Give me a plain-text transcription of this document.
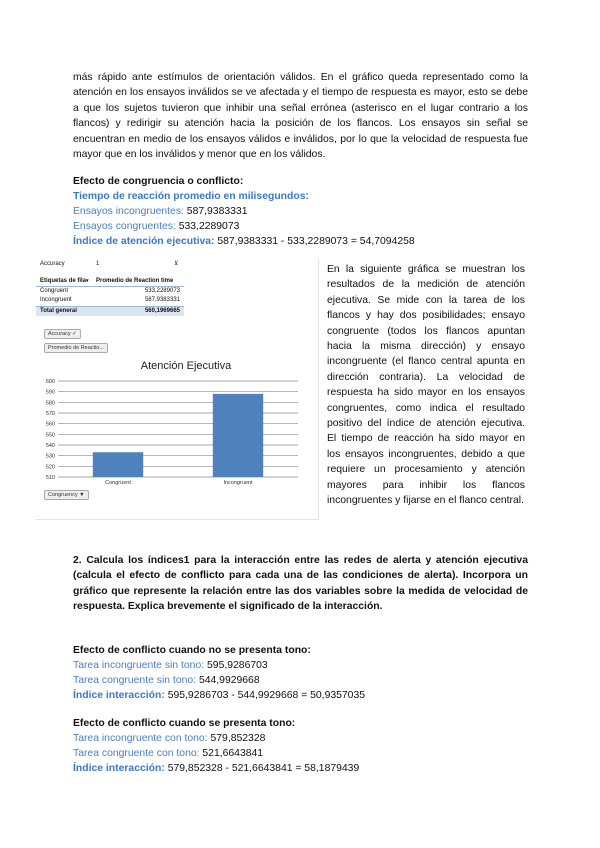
más rápido ante estímulos de orientación válidos. En el gráfico queda representado como la atención en los ensayos inválidos se ve afectada y el tiempo de respuesta es mayor, esto se debe a que los sujetos tuvieron que inhibir una señal errónea (asterisco en el lugar contrario a los flancos) y redirigir su atención hacia la posición de los flancos. Los ensayos sin señal se encuentran en medio de los ensayos válidos e inválidos, por lo que la velocidad de respuesta fue mayor que en los inválidos y menor que en los válidos.
Efecto de congruencia o conflicto:
Tiempo de reacción promedio en milisegundos:
Ensayos incongruentes: 587,9383331
Ensayos congruentes: 533,2289073
Índice de atención ejecutiva: 587,9383331 - 533,2289073 = 54,7094258
Accuracy	1	⊻
Etiquetas de fila ▾ Promedio de Reaction time
Congruent	533,2289073
Incongruent	587,9383331
Total general	560,1969665
Accuracy ✓
Promedio de Reactio...
Atención Ejecutiva
510
520
530
540
550
560
570
580
590
600
Congruent	Incongruent
Congruency ▼
En la siguiente gráfica se muestran los resultados de la medición de atención ejecutiva. Se mide con la tarea de los flancos y hay dos posibilidades; ensayo congruente (todos los flancos apuntan hacia la misma dirección) y ensayo incongruente (el flanco central apunta en dirección contraria). La velocidad de respuesta ha sido mayor en los ensayos congruentes, como indica el resultado positivo del índice de atención ejecutiva. El tiempo de reacción ha sido mayor en los ensayos incongruentes, debido a que requiere un procesamiento y atención mayores para inhibir los flancos incongruentes y fijarse en el flanco central.
2. Calcula los índices1 para la interacción entre las redes de alerta y atención ejecutiva (calcula el efecto de conflicto para cada una de las condiciones de alerta). Incorpora un gráfico que represente la relación entre las dos variables sobre la medida de velocidad de respuesta. Explica brevemente el significado de la interacción.
Efecto de conflicto cuando no se presenta tono:
Tarea incongruente sin tono: 595,9286703
Tarea congruente sin tono: 544,9929668
Índice interacción: 595,9286703 - 544,9929668 = 50,9357035
Efecto de conflicto cuando se presenta tono:
Tarea incongruente con tono: 579,852328
Tarea congruente con tono: 521,6643841
Índice interacción: 579,852328 - 521,6643841 = 58,1879439
